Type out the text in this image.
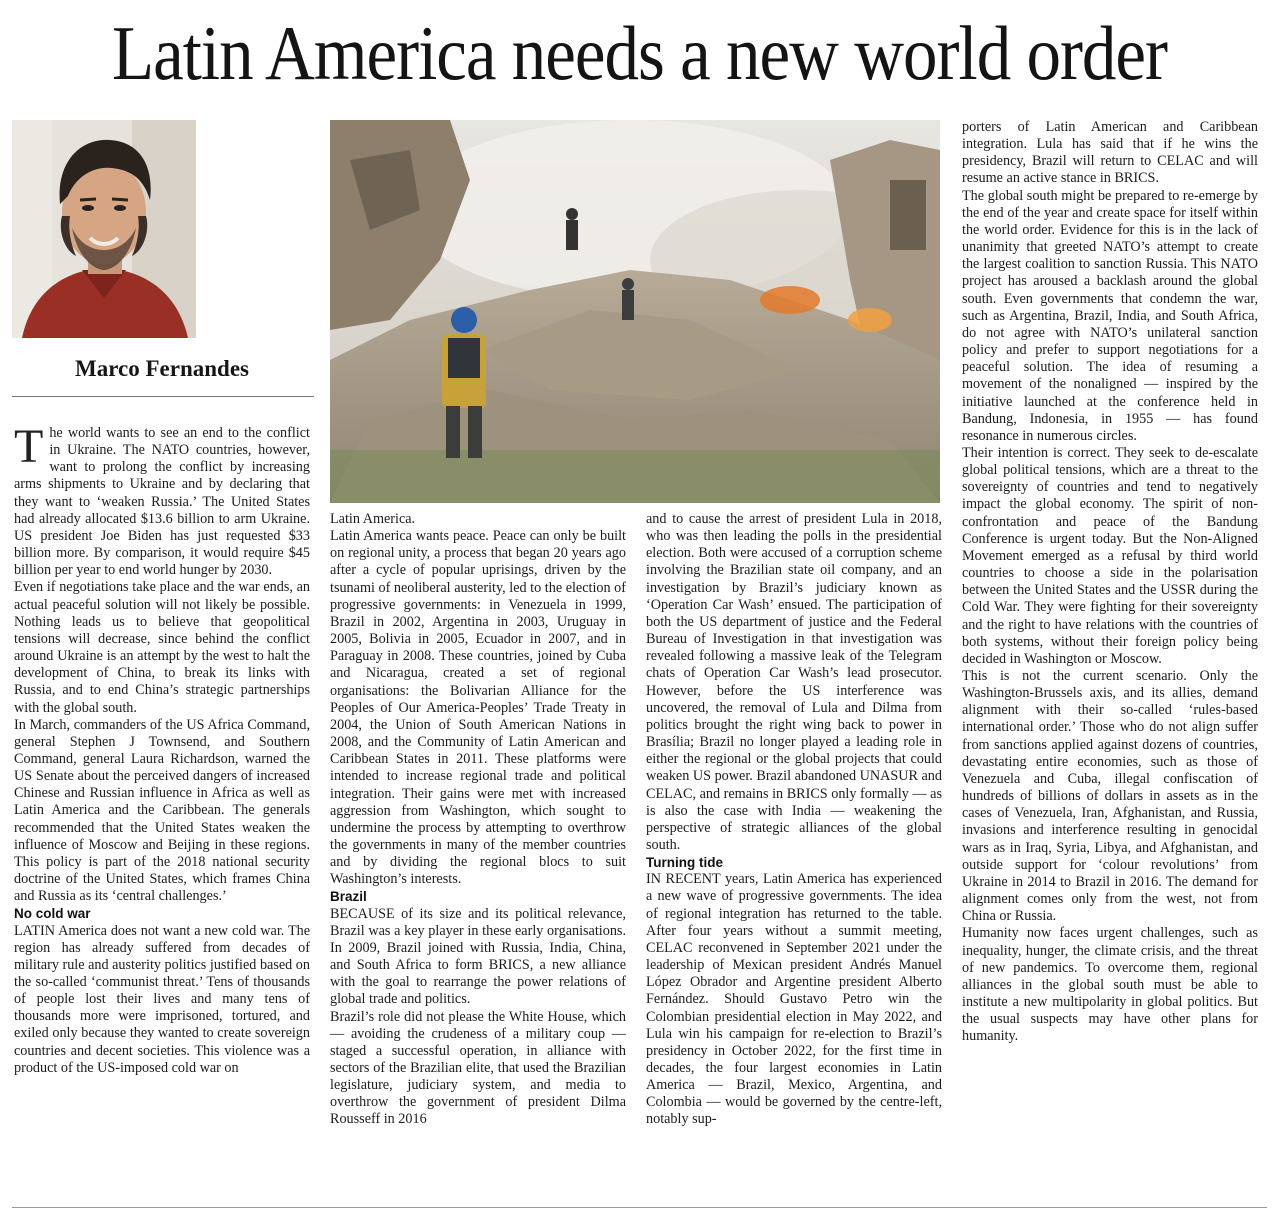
Latin America needs a new world order
Marco Fernandes

The world wants to see an end to the conflict in Ukraine. The NATO countries, however, want to prolong the conflict by increasing arms shipments to Ukraine and by declaring that they want to ‘weaken Russia.’ The United States had already allocated $13.6 billion to arm Ukraine. US president Joe Biden has just requested $33 billion more. By comparison, it would require $45 billion per year to end world hunger by 2030.

Even if negotiations take place and the war ends, an actual peaceful solution will not likely be possible. Nothing leads us to believe that geopolitical tensions will decrease, since behind the conflict around Ukraine is an attempt by the west to halt the development of China, to break its links with Russia, and to end China’s strategic partnerships with the global south.

In March, commanders of the US Africa Command, general Stephen J Townsend, and Southern Command, general Laura Richardson, warned the US Senate about the perceived dangers of increased Chinese and Russian influence in Africa as well as Latin America and the Caribbean. The generals recommended that the United States weaken the influence of Moscow and Beijing in these regions. This policy is part of the 2018 national security doctrine of the United States, which frames China and Russia as its ‘central challenges.’

No cold war

LATIN America does not want a new cold war. The region has already suffered from decades of military rule and austerity politics justified based on the so-called ‘communist threat.’ Tens of thousands of people lost their lives and many tens of thousands more were imprisoned, tortured, and exiled only because they wanted to create sovereign countries and decent societies. This violence was a product of the US-imposed cold war on

Latin America.

Latin America wants peace. Peace can only be built on regional unity, a process that began 20 years ago after a cycle of popular uprisings, driven by the tsunami of neoliberal austerity, led to the election of progressive governments: in Venezuela in 1999, Brazil in 2002, Argentina in 2003, Uruguay in 2005, Bolivia in 2005, Ecuador in 2007, and in Paraguay in 2008. These countries, joined by Cuba and Nicaragua, created a set of regional organisations: the Bolivarian Alliance for the Peoples of Our America-Peoples’ Trade Treaty in 2004, the Union of South American Nations in 2008, and the Community of Latin American and Caribbean States in 2011. These platforms were intended to increase regional trade and political integration. Their gains were met with increased aggression from Washington, which sought to undermine the process by attempting to overthrow the governments in many of the member countries and by dividing the regional blocs to suit Washington’s interests.

Brazil

BECAUSE of its size and its political relevance, Brazil was a key player in these early organisations. In 2009, Brazil joined with Russia, India, China, and South Africa to form BRICS, a new alliance with the goal to rearrange the power relations of global trade and politics.

Brazil’s role did not please the White House, which — avoiding the crudeness of a military coup — staged a successful operation, in alliance with sectors of the Brazilian elite, that used the Brazilian legislature, judiciary system, and media to overthrow the government of president Dilma Rousseff in 2016

and to cause the arrest of president Lula in 2018, who was then leading the polls in the presidential election. Both were accused of a corruption scheme involving the Brazilian state oil company, and an investigation by Brazil’s judiciary known as ‘Operation Car Wash’ ensued. The participation of both the US department of justice and the Federal Bureau of Investigation in that investigation was revealed following a massive leak of the Telegram chats of Operation Car Wash’s lead prosecutor. However, before the US interference was uncovered, the removal of Lula and Dilma from politics brought the right wing back to power in Brasília; Brazil no longer played a leading role in either the regional or the global projects that could weaken US power. Brazil abandoned UNASUR and CELAC, and remains in BRICS only formally — as is also the case with India — weakening the perspective of strategic alliances of the global south.

Turning tide

IN RECENT years, Latin America has experienced a new wave of progressive governments. The idea of regional integration has returned to the table. After four years without a summit meeting, CELAC reconvened in September 2021 under the leadership of Mexican president Andrés Manuel López Obrador and Argentine president Alberto Fernández. Should Gustavo Petro win the Colombian presidential election in May 2022, and Lula win his campaign for re-election to Brazil’s presidency in October 2022, for the first time in decades, the four largest economies in Latin America — Brazil, Mexico, Argentina, and Colombia — would be governed by the centre-left, notably sup-

porters of Latin American and Caribbean integration. Lula has said that if he wins the presidency, Brazil will return to CELAC and will resume an active stance in BRICS.

The global south might be prepared to re-emerge by the end of the year and create space for itself within the world order. Evidence for this is in the lack of unanimity that greeted NATO’s attempt to create the largest coalition to sanction Russia. This NATO project has aroused a backlash around the global south. Even governments that condemn the war, such as Argentina, Brazil, India, and South Africa, do not agree with NATO’s unilateral sanction policy and prefer to support negotiations for a peaceful solution. The idea of resuming a movement of the nonaligned — inspired by the initiative launched at the conference held in Bandung, Indonesia, in 1955 — has found resonance in numerous circles.

Their intention is correct. They seek to de-escalate global political tensions, which are a threat to the sovereignty of countries and tend to negatively impact the global economy. The spirit of non-confrontation and peace of the Bandung Conference is urgent today. But the Non-Aligned Movement emerged as a refusal by third world countries to choose a side in the polarisation between the United States and the USSR during the Cold War. They were fighting for their sovereignty and the right to have relations with the countries of both systems, without their foreign policy being decided in Washington or Moscow.

This is not the current scenario. Only the Washington-Brussels axis, and its allies, demand alignment with their so-called ‘rules-based international order.’ Those who do not align suffer from sanctions applied against dozens of countries, devastating entire economies, such as those of Venezuela and Cuba, illegal confiscation of hundreds of billions of dollars in assets as in the cases of Venezuela, Iran, Afghanistan, and Russia, invasions and interference resulting in genocidal wars as in Iraq, Syria, Libya, and Afghanistan, and outside support for ‘colour revolutions’ from Ukraine in 2014 to Brazil in 2016. The demand for alignment comes only from the west, not from China or Russia.

Humanity now faces urgent challenges, such as inequality, hunger, the climate crisis, and the threat of new pandemics. To overcome them, regional alliances in the global south must be able to institute a new multipolarity in global politics. But the usual suspects may have other plans for humanity.
